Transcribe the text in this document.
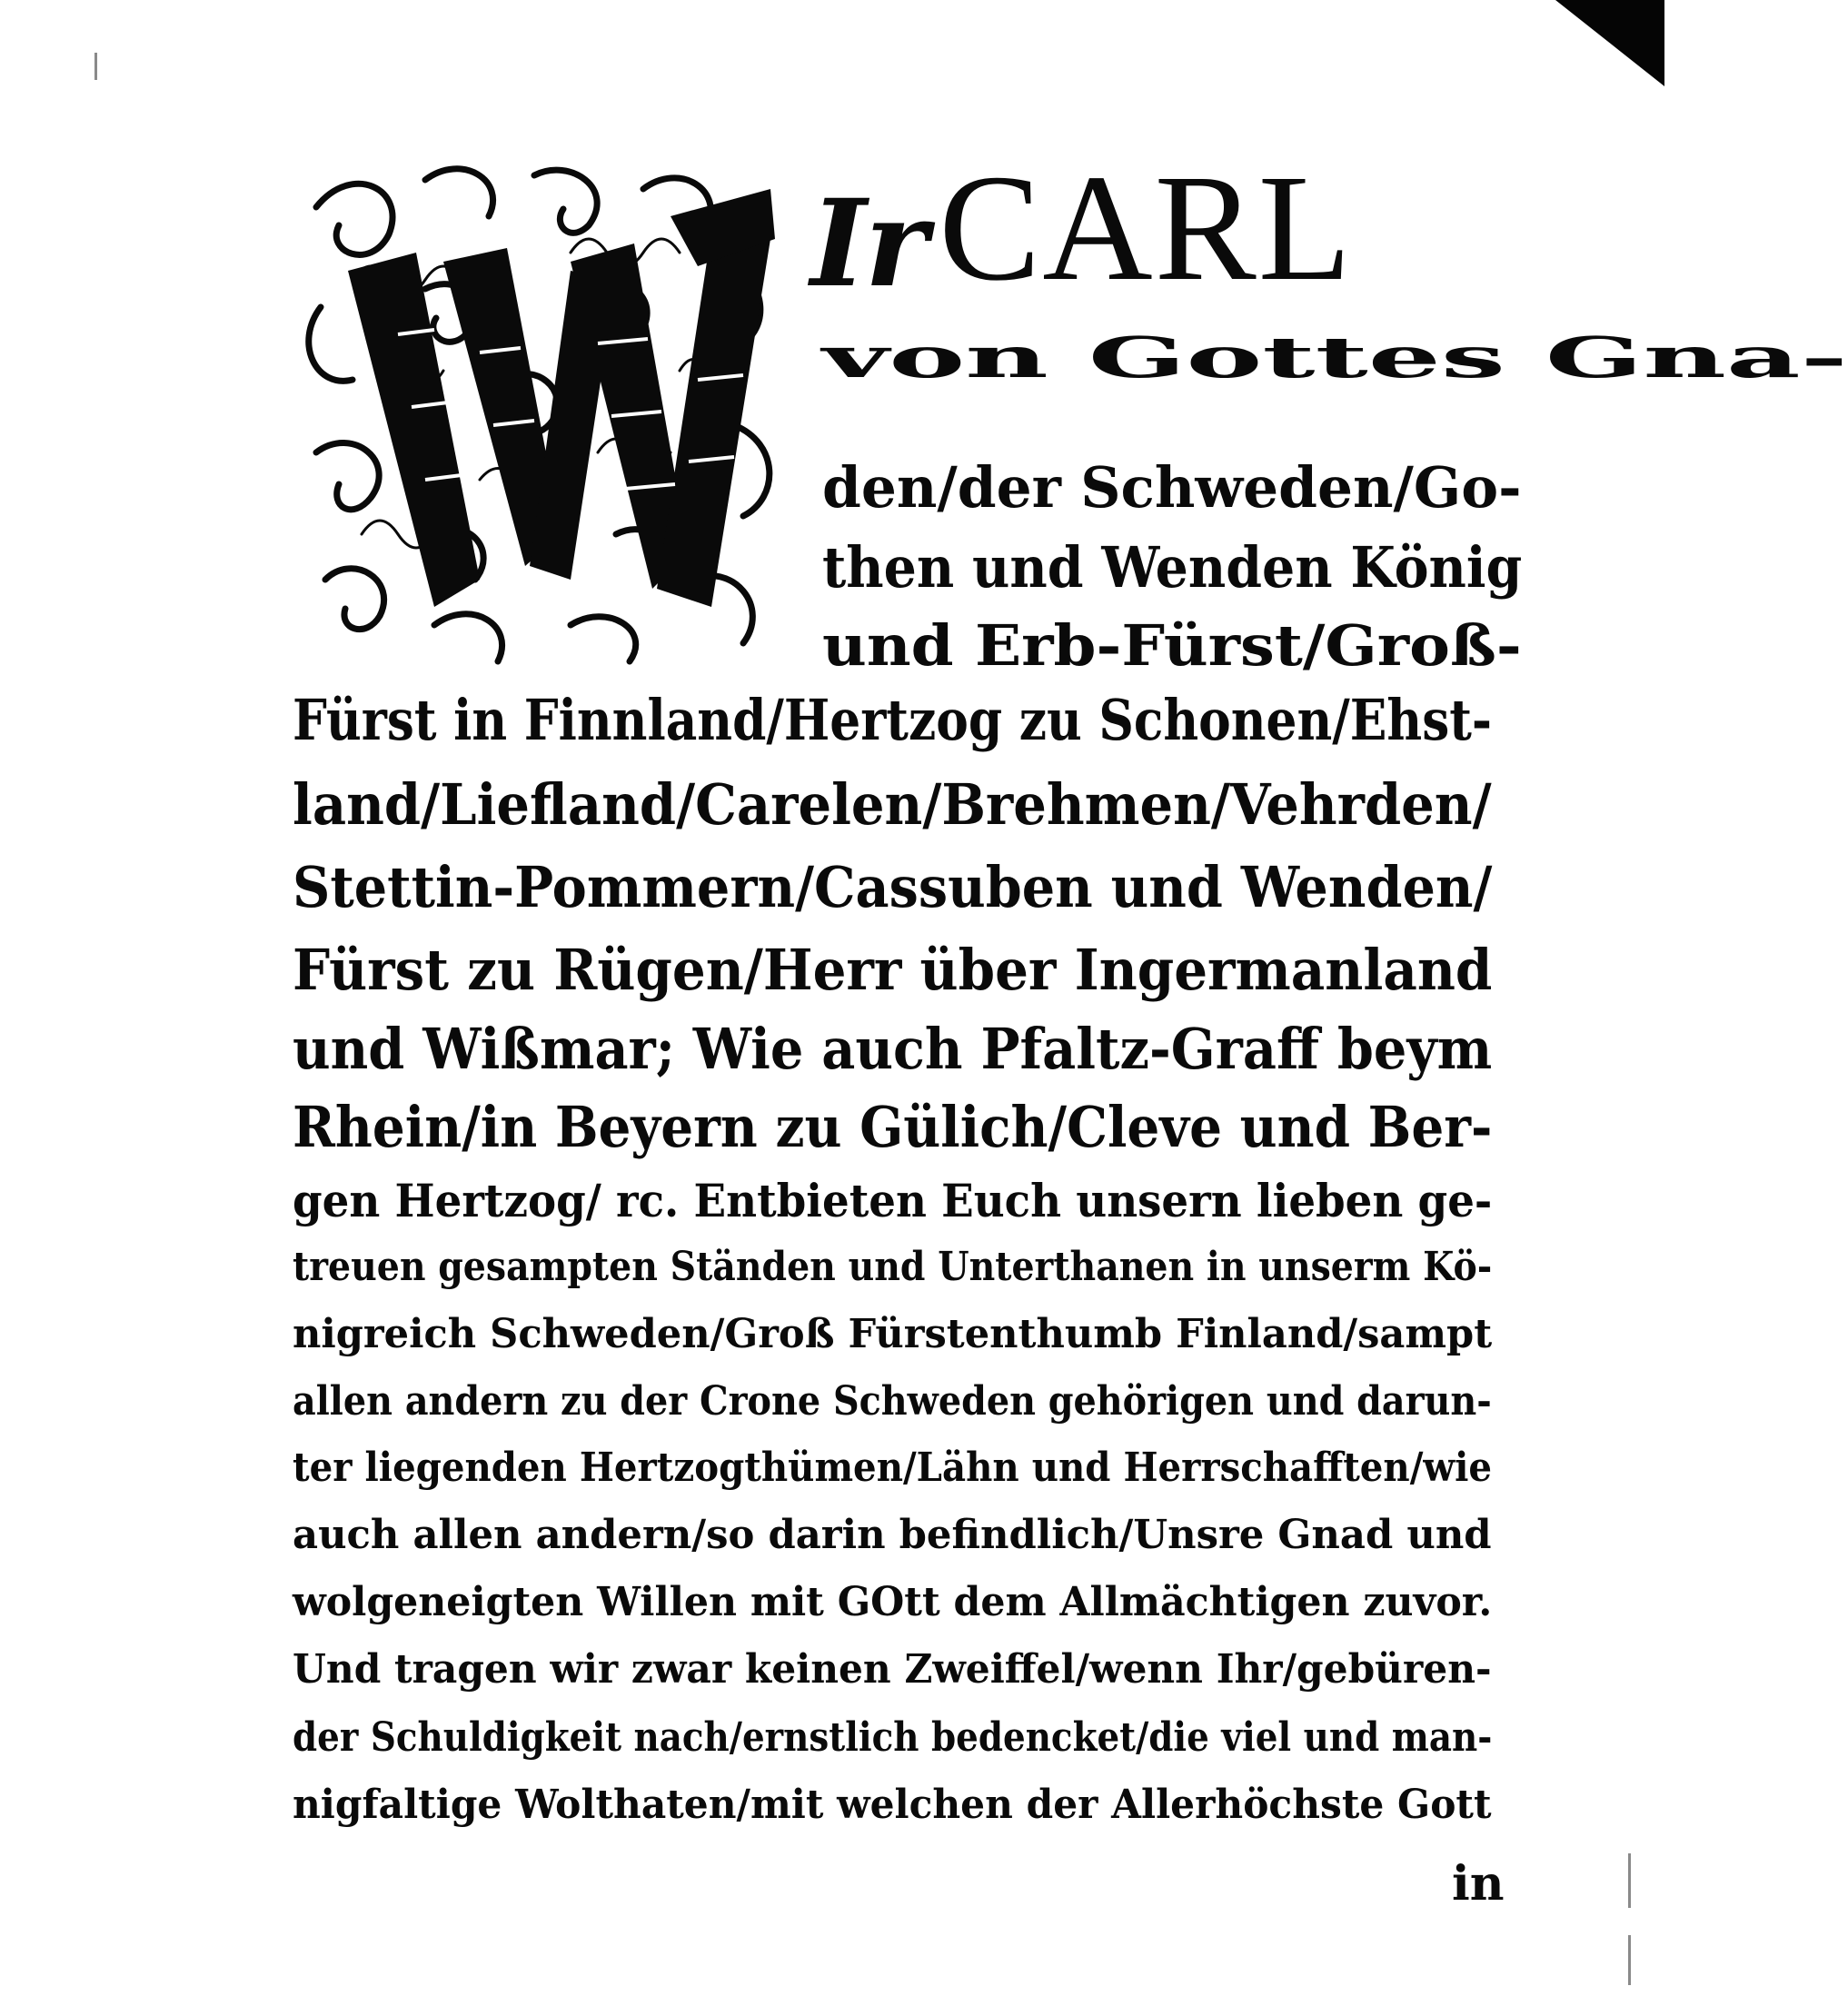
Ir CARL
von Gottes Gna-
den/der Schweden/Go-
then und Wenden König
und Erb-Fürst/Groß-
Fürst in Finnland/Hertzog zu Schonen/Ehst-
land/Liefland/Carelen/Brehmen/Vehrden/
Stettin-Pommern/Cassuben und Wenden/
Fürst zu Rügen/Herr über Ingermanland
und Wißmar; Wie auch Pfaltz-Graff beym
Rhein/in Beyern zu Gülich/Cleve und Ber-
gen Hertzog/ rc. Entbieten Euch unsern lieben ge-
treuen gesampten Ständen und Unterthanen in unserm Kö-
nigreich Schweden/Groß Fürstenthumb Finland/sampt
allen andern zu der Crone Schweden gehörigen und darun-
ter liegenden Hertzogthümen/Lähn und Herrschafften/wie
auch allen andern/so darin befindlich/Unsre Gnad und
wolgeneigten Willen mit GOtt dem Allmächtigen zuvor.
Und tragen wir zwar keinen Zweiffel/wenn Ihr/gebüren-
der Schuldigkeit nach/ernstlich bedencket/die viel und man-
nigfaltige Wolthaten/mit welchen der Allerhöchste Gott
in
